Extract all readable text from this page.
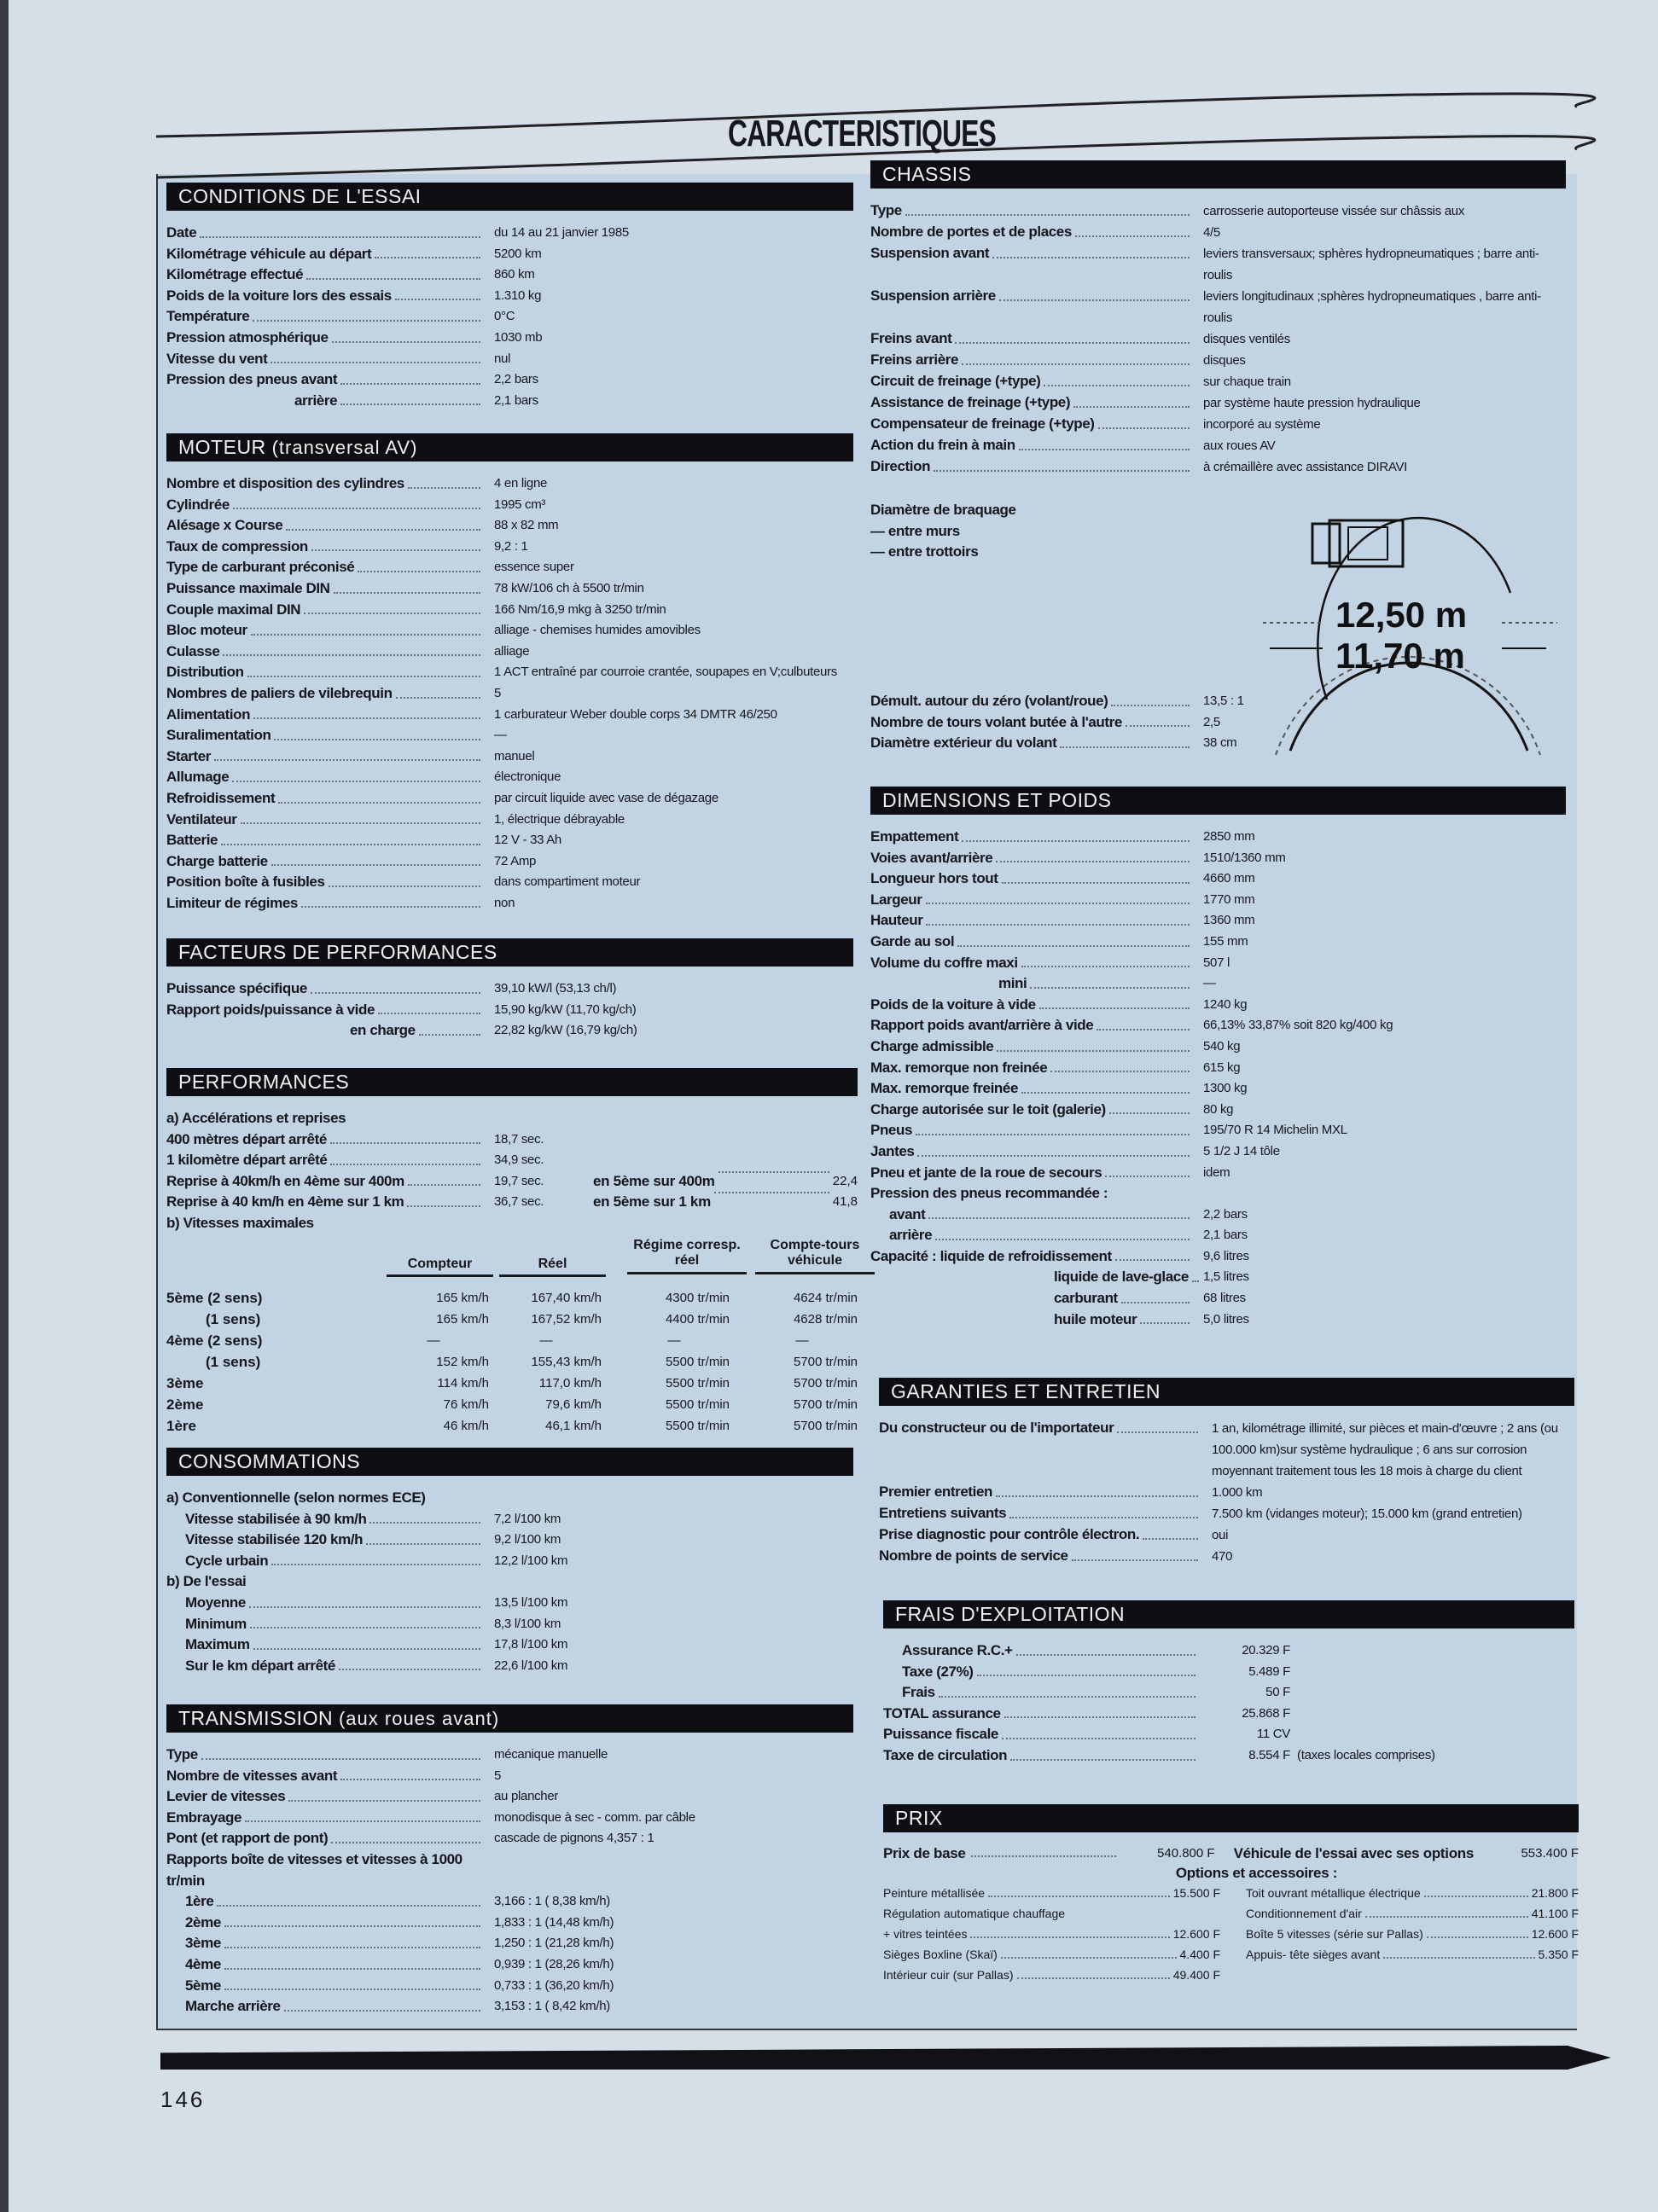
CARACTERISTIQUES
CONDITIONS DE L'ESSAI
Date	du 14 au 21 janvier 1985
Kilométrage véhicule au départ	5200 km
Kilométrage effectué	860 km
Poids de la voiture lors des essais	1.310 kg
Température	0°C
Pression atmosphérique	1030 mb
Vitesse du vent	nul
Pression des pneus avant	2,2 bars
arrière	2,1 bars
MOTEUR (transversal AV)
Nombre et disposition des cylindres	4 en ligne
Cylindrée	1995 cm³
Alésage x Course	88 x 82 mm
Taux de compression	9,2 : 1
Type de carburant préconisé	essence super
Puissance maximale DIN	78 kW/106 ch à 5500 tr/min
Couple maximal DIN	166 Nm/16,9 mkg à 3250 tr/min
Bloc moteur	alliage - chemises humides amovibles
Culasse	alliage
Distribution	1 ACT entraîné par courroie crantée, soupapes en V;culbuteurs
Nombres de paliers de vilebrequin	5
Alimentation	1 carburateur Weber double corps 34 DMTR 46/250
Suralimentation	—
Starter	manuel
Allumage	électronique
Refroidissement	par circuit liquide avec vase de dégazage
Ventilateur	1, électrique débrayable
Batterie	12 V - 33 Ah
Charge batterie	72 Amp
Position boîte à fusibles	dans compartiment moteur
Limiteur de régimes	non
FACTEURS DE PERFORMANCES
Puissance spécifique	39,10 kW/l (53,13 ch/l)
Rapport poids/puissance à vide	15,90 kg/kW (11,70 kg/ch)
en charge	22,82 kg/kW (16,79 kg/ch)
PERFORMANCES
a) Accélérations et reprises
400 mètres départ arrêté	18,7 sec.
1 kilomètre départ arrêté	34,9 sec.
Reprise à 40km/h en 4ème sur 400m	19,7 sec.	en 5ème sur 400m	22,4
Reprise à 40 km/h en 4ème sur 1 km	36,7 sec.	en 5ème sur 1 km	41,8
b) Vitesses maximales
Compteur	Réel
Régime corresp. réel
Compte-tours véhicule
5ème (2 sens)	165 km/h	167,40 km/h	4300 tr/min	4624 tr/min
(1 sens)	165 km/h	167,52 km/h	4400 tr/min	4628 tr/min
4ème (2 sens)	—	—	—	—
(1 sens)	152 km/h	155,43 km/h	5500 tr/min	5700 tr/min
3ème	114 km/h	117,0 km/h	5500 tr/min	5700 tr/min
2ème	76 km/h	79,6 km/h	5500 tr/min	5700 tr/min
1ère	46 km/h	46,1 km/h	5500 tr/min	5700 tr/min
CONSOMMATIONS
a) Conventionnelle (selon normes ECE)
Vitesse stabilisée à 90 km/h	7,2 l/100 km
Vitesse stabilisée 120 km/h	9,2 l/100 km
Cycle urbain	12,2 l/100 km
b) De l'essai
Moyenne	13,5 l/100 km
Minimum	8,3 l/100 km
Maximum	17,8 l/100 km
Sur le km départ arrêté	22,6 l/100 km
TRANSMISSION (aux roues avant)
Type	mécanique manuelle
Nombre de vitesses avant	5
Levier de vitesses	au plancher
Embrayage	monodisque à sec - comm. par câble
Pont (et rapport de pont)	cascade de pignons 4,357 : 1
Rapports boîte de vitesses et vitesses à 1000 tr/min
1ère	3,166 : 1 ( 8,38 km/h)
2ème	1,833 : 1 (14,48 km/h)
3ème	1,250 : 1 (21,28 km/h)
4ème	0,939 : 1 (28,26 km/h)
5ème	0,733 : 1 (36,20 km/h)
Marche arrière	3,153 : 1 ( 8,42 km/h)
CHASSIS
Type	carrosserie autoporteuse vissée sur châssis aux
Nombre de portes et de places	4/5
Suspension avant	leviers transversaux; sphères hydropneumatiques ; barre anti-roulis
Suspension arrière	leviers longitudinaux ;sphères hydropneumatiques , barre anti-roulis
Freins avant	disques ventilés
Freins arrière	disques
Circuit de freinage (+type)	sur chaque train
Assistance de freinage (+type)	par système haute pression hydraulique
Compensateur de freinage (+type)	incorporé au système
Action du frein à main	aux roues AV
Direction	à crémaillère avec assistance DIRAVI
Diamètre de braquage
— entre murs
— entre trottoirs
12,50 m
11,70 m
Démult. autour du zéro (volant/roue)	13,5 : 1
Nombre de tours volant butée à l'autre	2,5
Diamètre extérieur du volant	38 cm
DIMENSIONS ET POIDS
Empattement	2850 mm
Voies avant/arrière	1510/1360 mm
Longueur hors tout	4660 mm
Largeur	1770 mm
Hauteur	1360 mm
Garde au sol	155 mm
Volume du coffre maxi	507 l
mini	—
Poids de la voiture à vide	1240 kg
Rapport poids avant/arrière à vide	66,13% 33,87% soit 820 kg/400 kg
Charge admissible	540 kg
Max. remorque non freinée	615 kg
Max. remorque freinée	1300 kg
Charge autorisée sur le toit (galerie)	80 kg
Pneus	195/70 R 14 Michelin MXL
Jantes	5 1/2 J 14 tôle
Pneu et jante de la roue de secours	idem
Pression des pneus recommandée :
avant	2,2 bars
arrière	2,1 bars
Capacité : liquide de refroidissement	9,6 litres
liquide de lave-glace	1,5 litres
carburant	68 litres
huile moteur	5,0 litres
GARANTIES ET ENTRETIEN
Du constructeur ou de l'importateur	1 an, kilométrage illimité, sur pièces et main-d'œuvre ; 2 ans (ou 100.000 km)sur système hydraulique ; 6 ans sur corrosion moyennant traitement tous les 18 mois à charge du client
Premier entretien	1.000 km
Entretiens suivants	7.500 km (vidanges moteur); 15.000 km (grand entretien)
Prise diagnostic pour contrôle électron.	oui
Nombre de points de service	470
FRAIS D'EXPLOITATION
Assurance R.C.+	20.329 F
Taxe (27%)	5.489 F
Frais	50 F
TOTAL assurance	25.868 F
Puissance fiscale	11 CV
Taxe de circulation	8.554 F (taxes locales comprises)
PRIX
Prix de base	540.800 F Véhicule de l'essai avec ses options	553.400 F
Options et accessoires :
Peinture métallisée	15.500 F
Régulation automatique chauffage
+ vitres teintées	12.600 F
Sièges Boxline (Skaï)	4.400 F
Intérieur cuir (sur Pallas)	49.400 F
Toit ouvrant métallique électrique	21.800 F
Conditionnement d'air	41.100 F
Boîte 5 vitesses (série sur Pallas)	12.600 F
Appuis- tête sièges avant	5.350 F
146
